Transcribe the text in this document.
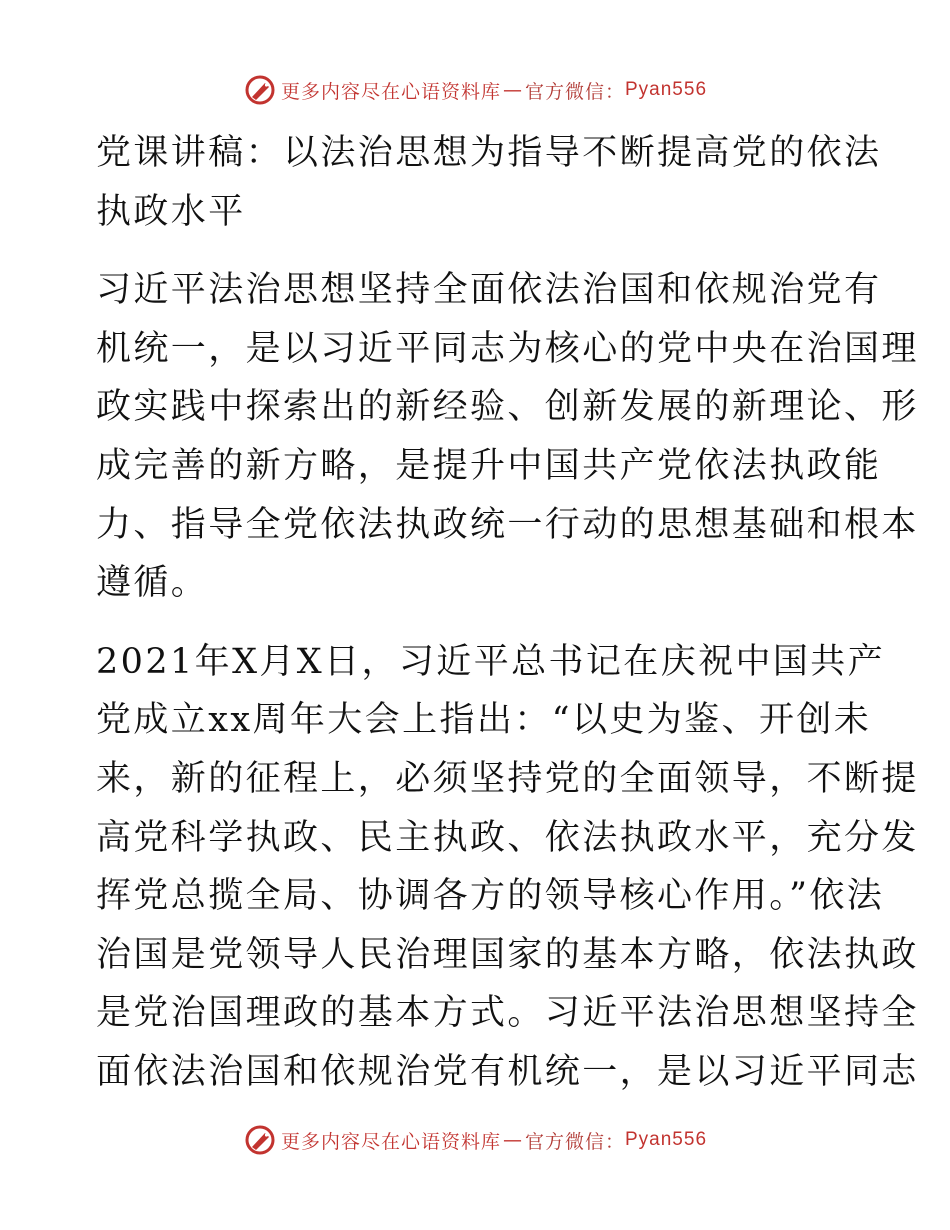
更多内容尽在心语资料库 — 官方微信： Pyan556

党课讲稿：以法治思想为指导不断提高党的依法
执政水平

习近平法治思想坚持全面依法治国和依规治党有
机统一，是以习近平同志为核心的党中央在治国理
政实践中探索出的新经验、创新发展的新理论、形
成完善的新方略，是提升中国共产党依法执政能
力、指导全党依法执政统一行动的思想基础和根本
遵循。

2021年X月X日，习近平总书记在庆祝中国共产
党成立xx周年大会上指出：“以史为鉴、开创未
来，新的征程上，必须坚持党的全面领导，不断提
高党科学执政、民主执政、依法执政水平，充分发
挥党总揽全局、协调各方的领导核心作用。”依法
治国是党领导人民治理国家的基本方略，依法执政
是党治国理政的基本方式。习近平法治思想坚持全
面依法治国和依规治党有机统一，是以习近平同志

更多内容尽在心语资料库 — 官方微信： Pyan556
